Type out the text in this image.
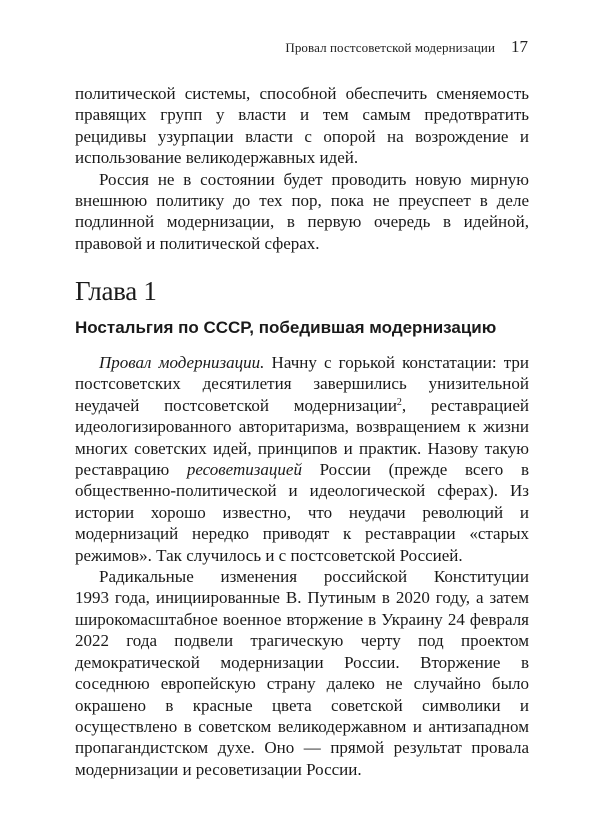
Провал постсоветской модернизации 17

политической системы, способной обеспечить сменяемость правящих групп у власти и тем самым предотвратить рецидивы узурпации власти с опорой на возрождение и использование великодержавных идей.

Россия не в состоянии будет проводить новую мирную внешнюю политику до тех пор, пока не преуспеет в деле подлинной модернизации, в первую очередь в идейной, правовой и политической сферах.

Глава 1
Ностальгия по СССР, победившая модернизацию

Провал модернизации. Начну с горькой констатации: три постсоветских десятилетия завершились унизительной неудачей постсоветской модернизации$^2$, реставрацией идеологизированного авторитаризма, возвращением к жизни многих советских идей, принципов и практик. Назову такую реставрацию ресоветизацией России (прежде всего в общественно-политической и идеологической сферах). Из истории хорошо известно, что неудачи революций и модернизаций нередко приводят к реставрации «старых режимов». Так случилось и с постсоветской Россией.

Радикальные изменения российской Конституции

1993 года, инициированные В. Путиным в 2020 году, а затем широкомасштабное военное вторжение в Украину 24 февраля 2022 года подвели трагическую черту под проектом демократической модернизации России. Вторжение в соседнюю европейскую страну далеко не случайно было окрашено в красные цвета советской символики и осуществлено в советском великодержавном и антизападном пропагандистском духе. Оно — прямой результат провала модернизации и ресоветизации России.
